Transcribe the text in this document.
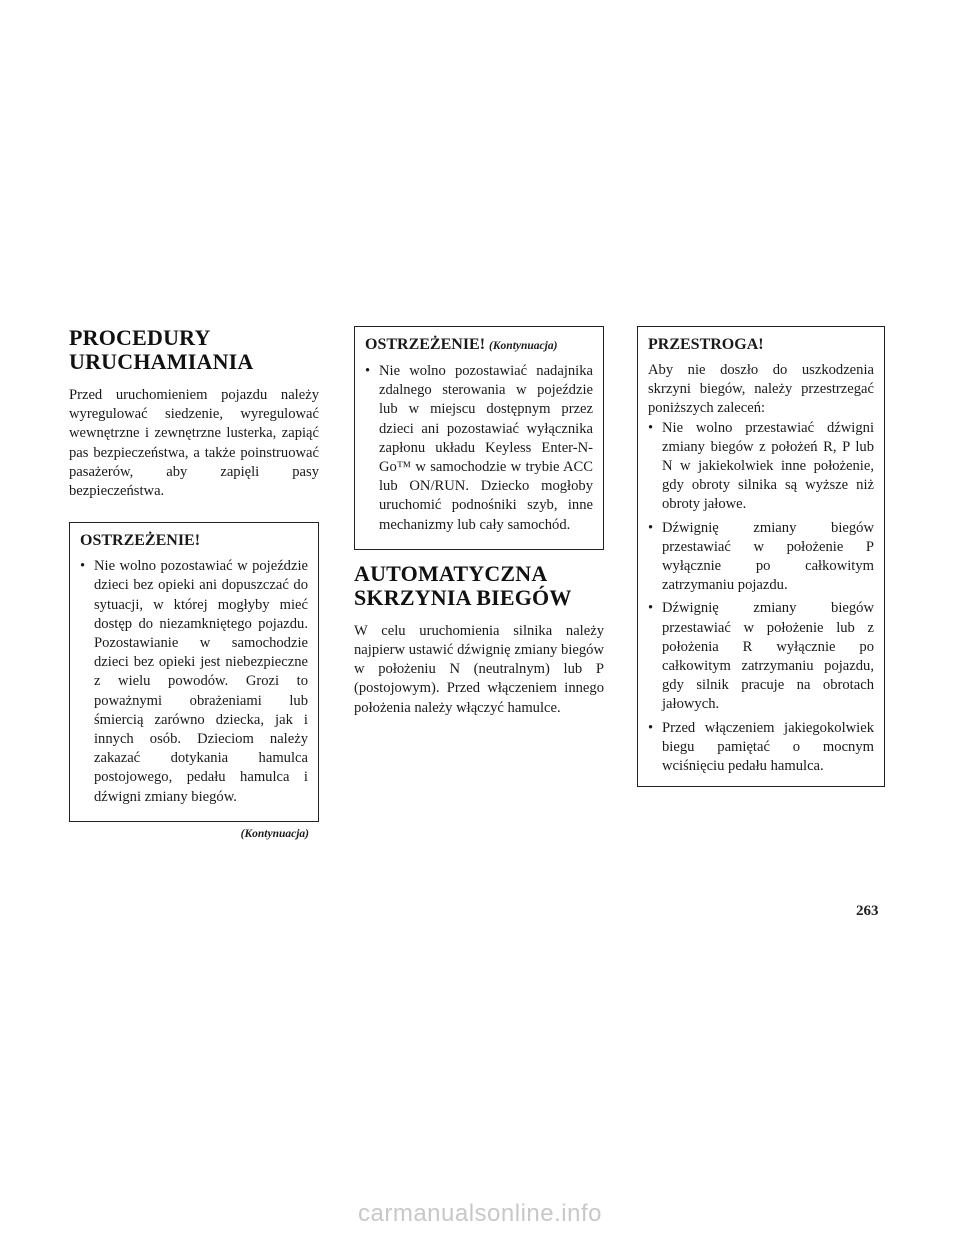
PROCEDURY
URUCHAMIANIA

Przed uruchomieniem pojazdu należy wyregulować siedzenie, wyregulować wewnętrzne i zewnętrzne lusterka, zapiąć pas bezpieczeństwa, a także poinstruować pasażerów, aby zapięli pasy bezpieczeństwa.

OSTRZEŻENIE!
• Nie wolno pozostawiać w pojeździe dzieci bez opieki ani dopuszczać do sytuacji, w której mogłyby mieć dostęp do niezamkniętego pojazdu. Pozostawianie w samochodzie dzieci bez opieki jest niebezpieczne z wielu powodów. Grozi to poważnymi obrażeniami lub śmiercią zarówno dziecka, jak i innych osób. Dzieciom należy zakazać dotykania hamulca postojowego, pedału hamulca i dźwigni zmiany biegów.
(Kontynuacja)
OSTRZEŻENIE! (Kontynuacja)
• Nie wolno pozostawiać nadajnika zdalnego sterowania w pojeździe lub w miejscu dostępnym przez dzieci ani pozostawiać wyłącznika zapłonu układu Keyless Enter-N-Go™ w samochodzie w trybie ACC lub ON/RUN. Dziecko mogłoby uruchomić podnośniki szyb, inne mechanizmy lub cały samochód.
AUTOMATYCZNA
SKRZYNIA BIEGÓW

W celu uruchomienia silnika należy najpierw ustawić dźwignię zmiany biegów w położeniu N (neutralnym) lub P (postojowym). Przed włączeniem innego położenia należy włączyć hamulce.

PRZESTROGA!

Aby nie doszło do uszkodzenia skrzyni biegów, należy przestrzegać poniższych zaleceń:

• Nie wolno przestawiać dźwigni zmiany biegów z położeń R, P lub N w jakiekolwiek inne położenie, gdy obroty silnika są wyższe niż obroty jałowe.
• Dźwignię zmiany biegów przestawiać w położenie P wyłącznie po całkowitym zatrzymaniu pojazdu.
• Dźwignię zmiany biegów przestawiać w położenie lub z położenia R wyłącznie po całkowitym zatrzymaniu pojazdu, gdy silnik pracuje na obrotach jałowych.
• Przed włączeniem jakiegokolwiek biegu pamiętać o mocnym wciśnięciu pedału hamulca.
263
carmanualsonline.info
